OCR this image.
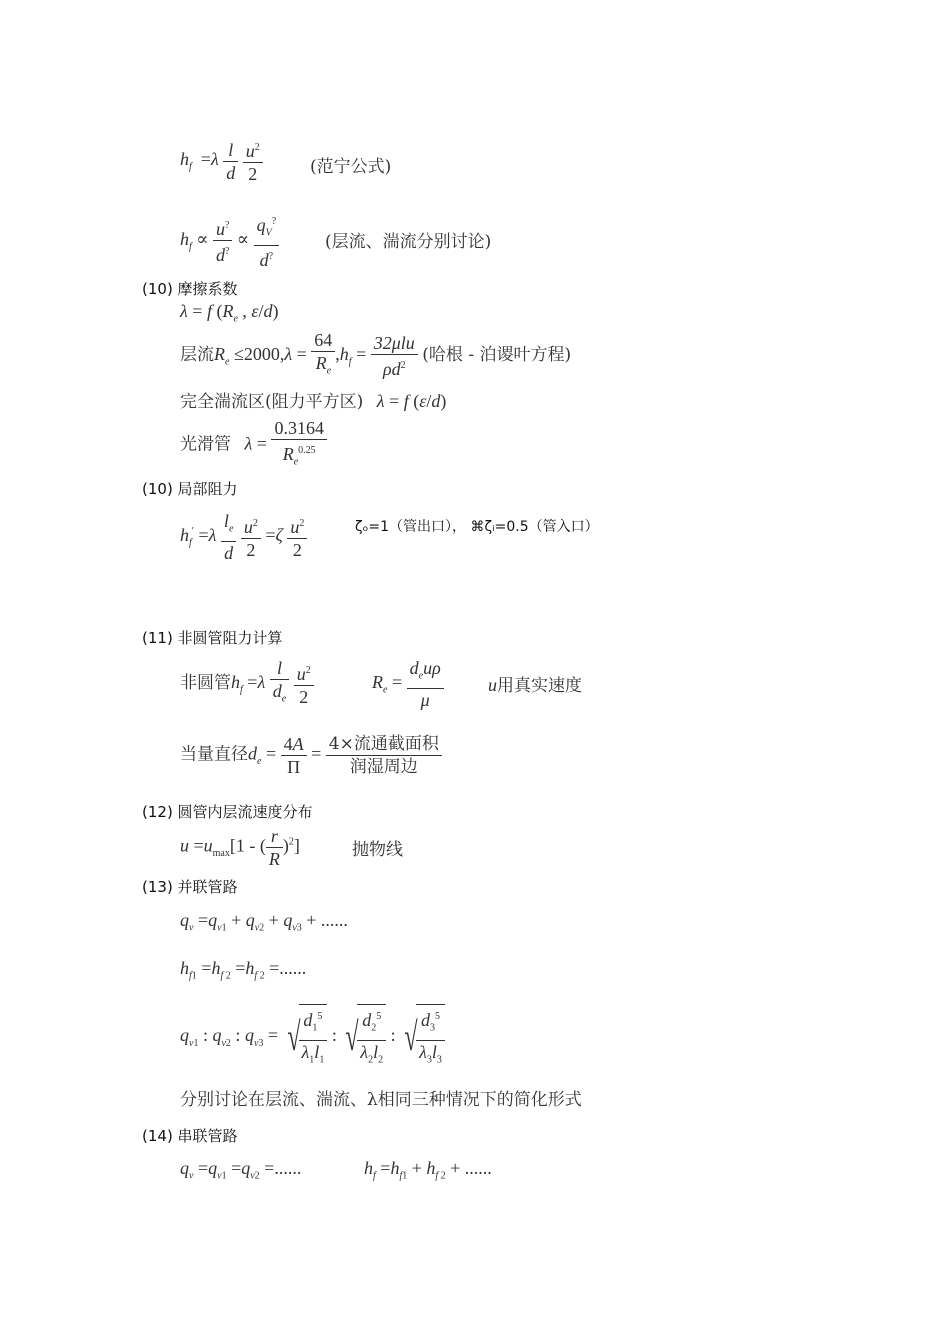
$h_f =\lambda \frac{l}{d}$
$\frac{u^2}{2}$	(范宁公式)
$h_f \propto \frac{u^?}{d^?} \propto \frac{q_V^?}{d^?}$	(层流、湍流分别讨论)
(10) 摩擦系数
λ = f ($R_e$ , ε/d)
层流$R_e \le 2000,\lambda = \frac{64}{R_e} ,h_f = \frac{\text{32μlu}}{\rho d^2}$ (哈根 - 泊谡叶方程)
完全湍流区(阻力平方区) λ = f (ε/d)
光滑管 $\lambda = \frac{0.3164}{R_e^{0.25}}$
(10) 局部阻力
$h_f' =\lambda \frac{l_e}{d}$
$\frac{u^2}{2} =\zeta \frac{u^2}{2}$	ζₒ=1（管出口）， ⌘ζᵢ=0.5（管入口）
(11) 非圆管阻力计算
非圆管$h_f =\lambda \frac{l}{d_e}$
$\frac{u^2}{2}$	$R_e = \frac{d_eu\rho}{\mu}$ u用真实速度
当量直径$d_e = \frac{4A}{\Pi} = \frac{\text{4×流通截面积}}{\text{润湿周边}}$
(12) 圆管内层流速度分布
$u =u_{max}[1$ - ( $\frac{r}{R} )^2$]	抛物线
(13) 并联管路
$q_v =q_{v1} + q_{v2} + q_{v3}$ + ......
$h_{f1} =h_{f 2} =h_{f 2}$ =......
$q_{v1}$ : $q_{v2}$ : $q_{v3}$ = √
$\frac{d_1^5}{\lambda_1l_1}$ : √
$\frac{d_2^5}{\lambda_2l_2}$ : √
$\frac{d_3^5}{\lambda_3l_3}$
分别讨论在层流、湍流、λ相同三种情况下的简化形式
(14) 串联管路
$q_v =q_{v1} =q_{v2}$ =......	$h_f =h_{f1} + h_{f 2}$ + ......
